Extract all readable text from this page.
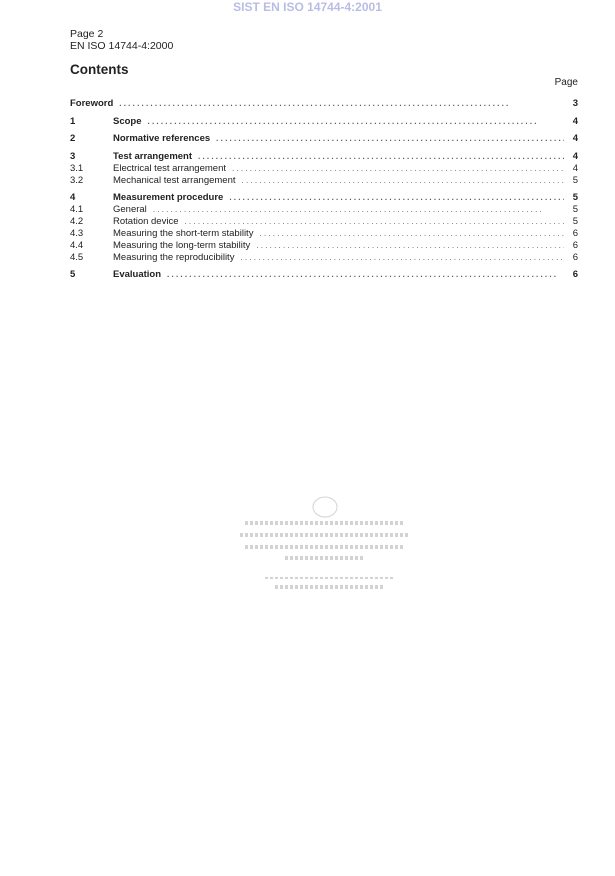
SIST EN ISO 14744-4:2001
Page 2
EN ISO 14744-4:2000
Contents
Page
Foreword . . .	3
1	Scope . . .	4
2	Normative references . . .	4
3	Test arrangement . . .	4
3.1	Electrical test arrangement . . .	4
3.2	Mechanical test arrangement . . .	5
4	Measurement procedure . . .	5
4.1	General . . .	5
4.2	Rotation device . . .	5
4.3	Measuring the short-term stability . . .	6
4.4	Measuring the long-term stability . . .	6
4.5	Measuring the reproducibility . . .	6
5	Evaluation . . .	6
